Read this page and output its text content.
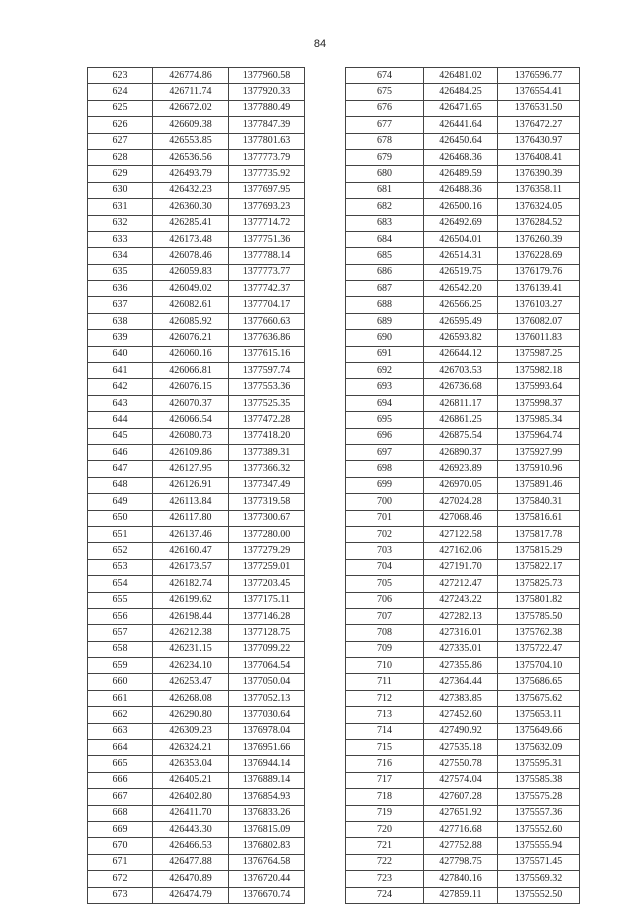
84
623	426774.86	1377960.58
624	426711.74	1377920.33
625	426672.02	1377880.49
626	426609.38	1377847.39
627	426553.85	1377801.63
628	426536.56	1377773.79
629	426493.79	1377735.92
630	426432.23	1377697.95
631	426360.30	1377693.23
632	426285.41	1377714.72
633	426173.48	1377751.36
634	426078.46	1377788.14
635	426059.83	1377773.77
636	426049.02	1377742.37
637	426082.61	1377704.17
638	426085.92	1377660.63
639	426076.21	1377636.86
640	426060.16	1377615.16
641	426066.81	1377597.74
642	426076.15	1377553.36
643	426070.37	1377525.35
644	426066.54	1377472.28
645	426080.73	1377418.20
646	426109.86	1377389.31
647	426127.95	1377366.32
648	426126.91	1377347.49
649	426113.84	1377319.58
650	426117.80	1377300.67
651	426137.46	1377280.00
652	426160.47	1377279.29
653	426173.57	1377259.01
654	426182.74	1377203.45
655	426199.62	1377175.11
656	426198.44	1377146.28
657	426212.38	1377128.75
658	426231.15	1377099.22
659	426234.10	1377064.54
660	426253.47	1377050.04
661	426268.08	1377052.13
662	426290.80	1377030.64
663	426309.23	1376978.04
664	426324.21	1376951.66
665	426353.04	1376944.14
666	426405.21	1376889.14
667	426402.80	1376854.93
668	426411.70	1376833.26
669	426443.30	1376815.09
670	426466.53	1376802.83
671	426477.88	1376764.58
672	426470.89	1376720.44
673	426474.79	1376670.74
674	426481.02	1376596.77
675	426484.25	1376554.41
676	426471.65	1376531.50
677	426441.64	1376472.27
678	426450.64	1376430.97
679	426468.36	1376408.41
680	426489.59	1376390.39
681	426488.36	1376358.11
682	426500.16	1376324.05
683	426492.69	1376284.52
684	426504.01	1376260.39
685	426514.31	1376228.69
686	426519.75	1376179.76
687	426542.20	1376139.41
688	426566.25	1376103.27
689	426595.49	1376082.07
690	426593.82	1376011.83
691	426644.12	1375987.25
692	426703.53	1375982.18
693	426736.68	1375993.64
694	426811.17	1375998.37
695	426861.25	1375985.34
696	426875.54	1375964.74
697	426890.37	1375927.99
698	426923.89	1375910.96
699	426970.05	1375891.46
700	427024.28	1375840.31
701	427068.46	1375816.61
702	427122.58	1375817.78
703	427162.06	1375815.29
704	427191.70	1375822.17
705	427212.47	1375825.73
706	427243.22	1375801.82
707	427282.13	1375785.50
708	427316.01	1375762.38
709	427335.01	1375722.47
710	427355.86	1375704.10
711	427364.44	1375686.65
712	427383.85	1375675.62
713	427452.60	1375653.11
714	427490.92	1375649.66
715	427535.18	1375632.09
716	427550.78	1375595.31
717	427574.04	1375585.38
718	427607.28	1375575.28
719	427651.92	1375557.36
720	427716.68	1375552.60
721	427752.88	1375555.94
722	427798.75	1375571.45
723	427840.16	1375569.32
724	427859.11	1375552.50
